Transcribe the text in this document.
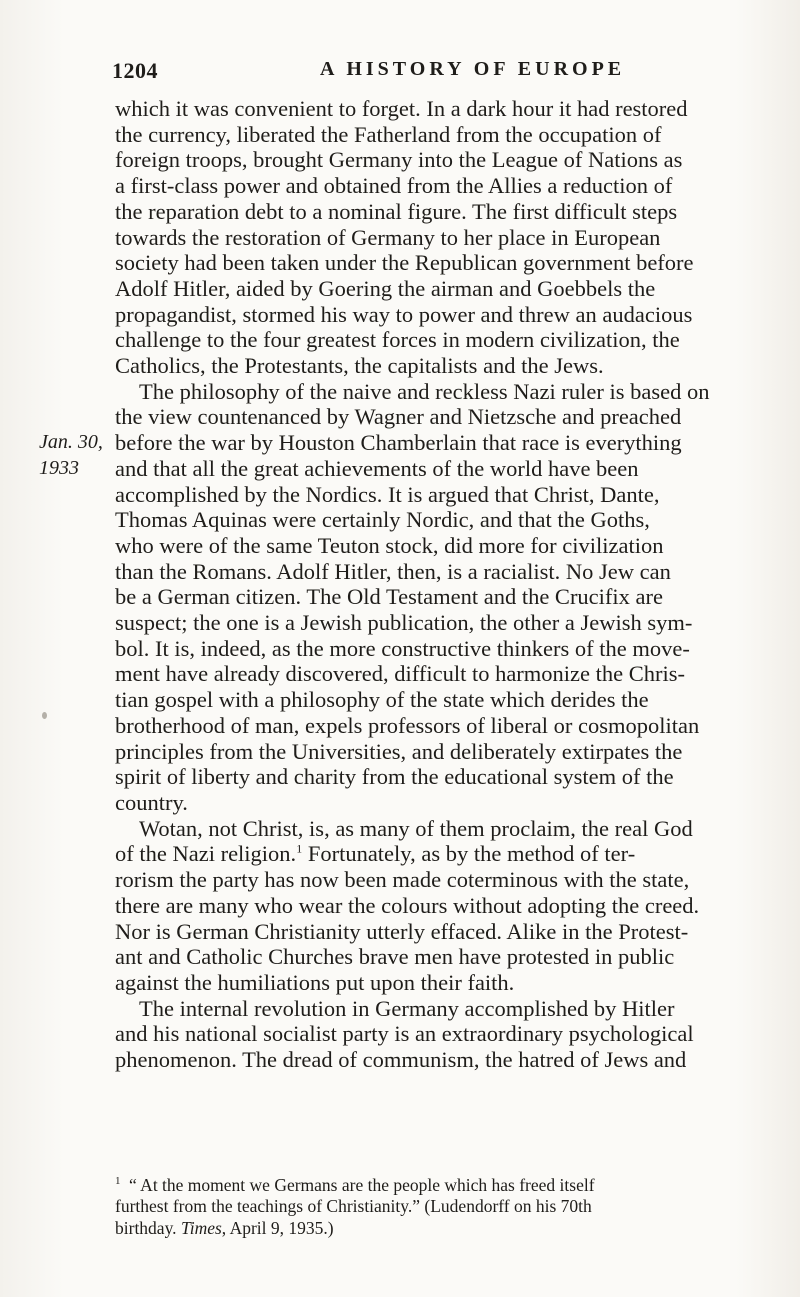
1204	A HISTORY OF EUROPE
Jan. 30,
1933
which it was convenient to forget. In a dark hour it had restored
the currency, liberated the Fatherland from the occupation of
foreign troops, brought Germany into the League of Nations as
a first-class power and obtained from the Allies a reduction of
the reparation debt to a nominal figure. The first difficult steps
towards the restoration of Germany to her place in European
society had been taken under the Republican government before
Adolf Hitler, aided by Goering the airman and Goebbels the
propagandist, stormed his way to power and threw an audacious
challenge to the four greatest forces in modern civilization, the
Catholics, the Protestants, the capitalists and the Jews.
The philosophy of the naive and reckless Nazi ruler is based on
the view countenanced by Wagner and Nietzsche and preached
before the war by Houston Chamberlain that race is everything
and that all the great achievements of the world have been
accomplished by the Nordics. It is argued that Christ, Dante,
Thomas Aquinas were certainly Nordic, and that the Goths,
who were of the same Teuton stock, did more for civilization
than the Romans. Adolf Hitler, then, is a racialist. No Jew can
be a German citizen. The Old Testament and the Crucifix are
suspect; the one is a Jewish publication, the other a Jewish sym-
bol. It is, indeed, as the more constructive thinkers of the move-
ment have already discovered, difficult to harmonize the Chris-
tian gospel with a philosophy of the state which derides the
brotherhood of man, expels professors of liberal or cosmopolitan
principles from the Universities, and deliberately extirpates the
spirit of liberty and charity from the educational system of the
country.
Wotan, not Christ, is, as many of them proclaim, the real God
of the Nazi religion.$^1$ Fortunately, as by the method of ter-
rorism the party has now been made coterminous with the state,
there are many who wear the colours without adopting the creed.
Nor is German Christianity utterly effaced. Alike in the Protest-
ant and Catholic Churches brave men have protested in public
against the humiliations put upon their faith.
The internal revolution in Germany accomplished by Hitler
and his national socialist party is an extraordinary psychological
phenomenon. The dread of communism, the hatred of Jews and
1 “ At the moment we Germans are the people which has freed itself
furthest from the teachings of Christianity.” (Ludendorff on his 70th
birthday. Times, April 9, 1935.)
